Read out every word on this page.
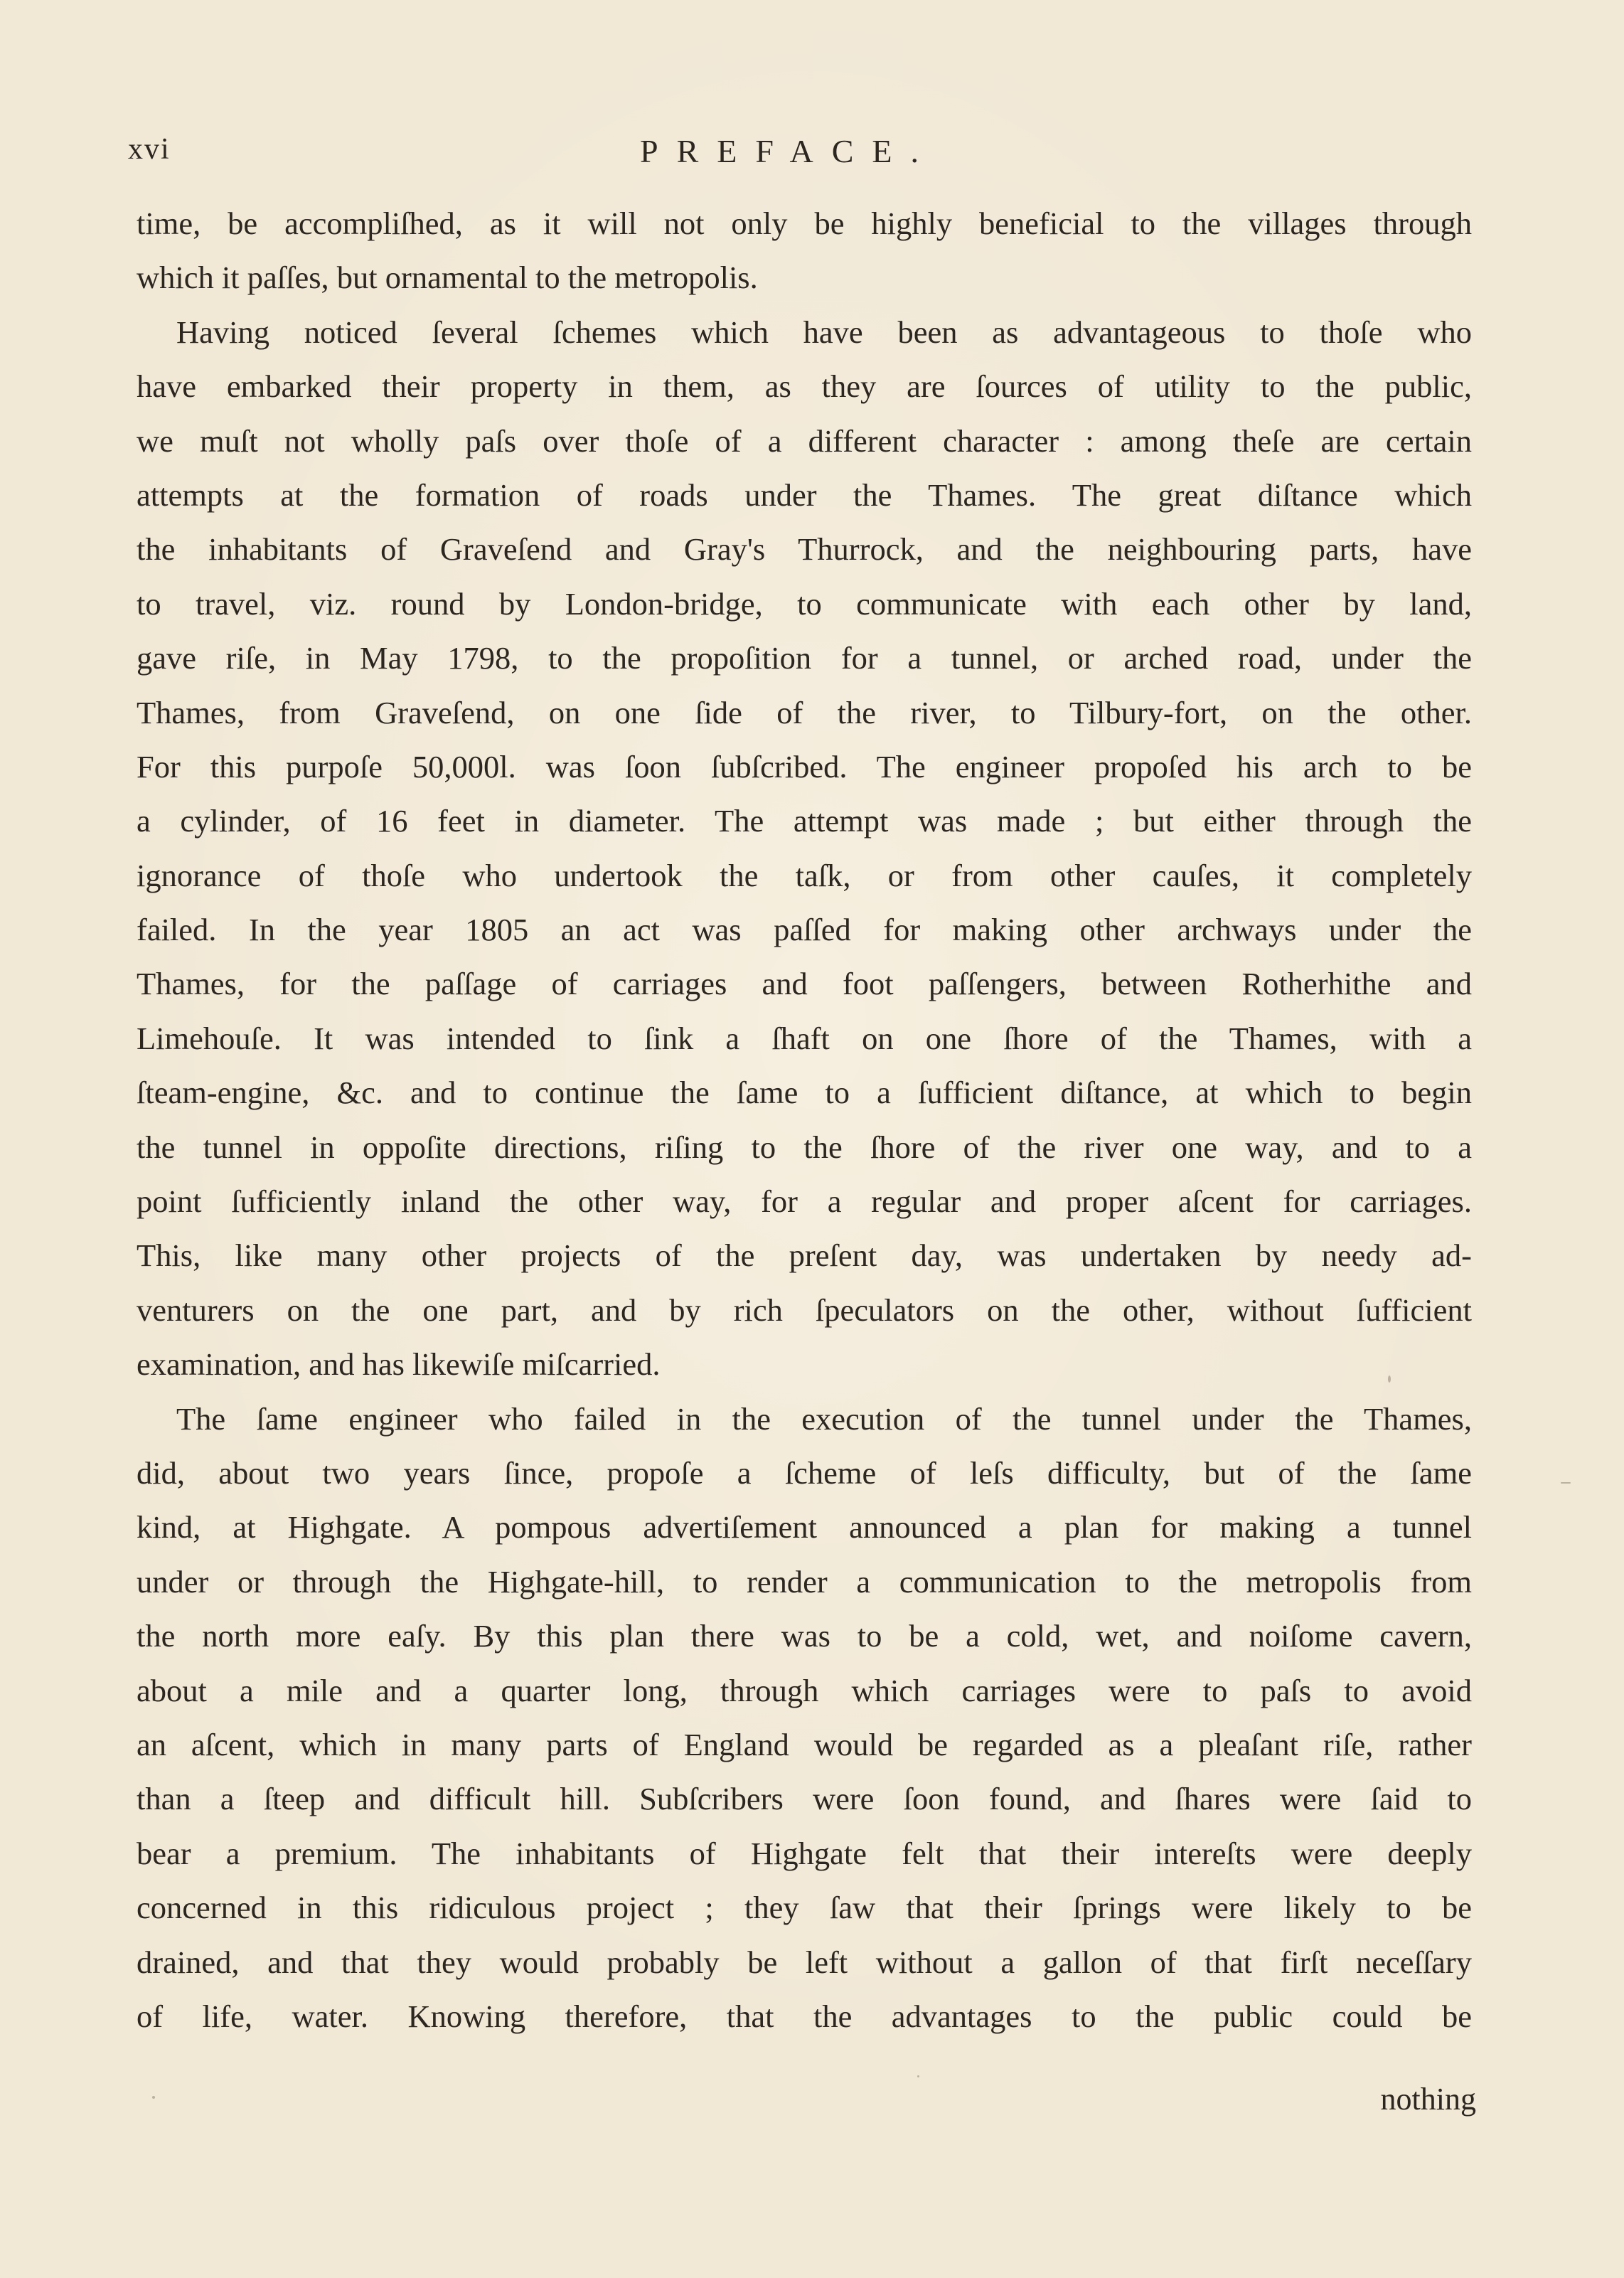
xvi	PREFACE.
time, be accompliſhed, as it will not only be highly beneficial to the villages through
which it paſſes, but ornamental to the metropolis.
Having noticed ſeveral ſchemes which have been as advantageous to thoſe who
have embarked their property in them, as they are ſources of utility to the public,
we muſt not wholly paſs over thoſe of a different character : among theſe are certain
attempts at the formation of roads under the Thames. The great diſtance which
the inhabitants of Graveſend and Gray's Thurrock, and the neighbouring parts, have
to travel, viz. round by London-bridge, to communicate with each other by land,
gave riſe, in May 1798, to the propoſition for a tunnel, or arched road, under the
Thames, from Graveſend, on one ſide of the river, to Tilbury-fort, on the other.
For this purpoſe 50,000l. was ſoon ſubſcribed. The engineer propoſed his arch to be
a cylinder, of 16 feet in diameter. The attempt was made ; but either through the
ignorance of thoſe who undertook the taſk, or from other cauſes, it completely
failed. In the year 1805 an act was paſſed for making other archways under the
Thames, for the paſſage of carriages and foot paſſengers, between Rotherhithe and
Limehouſe. It was intended to ſink a ſhaft on one ſhore of the Thames, with a
ſteam-engine, &c. and to continue the ſame to a ſufficient diſtance, at which to begin
the tunnel in oppoſite directions, riſing to the ſhore of the river one way, and to a
point ſufficiently inland the other way, for a regular and proper aſcent for carriages.
This, like many other projects of the preſent day, was undertaken by needy ad-
venturers on the one part, and by rich ſpeculators on the other, without ſufficient
examination, and has likewiſe miſcarried.
The ſame engineer who failed in the execution of the tunnel under the Thames,
did, about two years ſince, propoſe a ſcheme of leſs difficulty, but of the ſame
kind, at Highgate. A pompous advertiſement announced a plan for making a tunnel
under or through the Highgate-hill, to render a communication to the metropolis from
the north more eaſy. By this plan there was to be a cold, wet, and noiſome cavern,
about a mile and a quarter long, through which carriages were to paſs to avoid
an aſcent, which in many parts of England would be regarded as a pleaſant riſe, rather
than a ſteep and difficult hill. Subſcribers were ſoon found, and ſhares were ſaid to
bear a premium. The inhabitants of Highgate felt that their intereſts were deeply
concerned in this ridiculous project ; they ſaw that their ſprings were likely to be
drained, and that they would probably be left without a gallon of that firſt neceſſary
of life, water. Knowing therefore, that the advantages to the public could be
nothing
